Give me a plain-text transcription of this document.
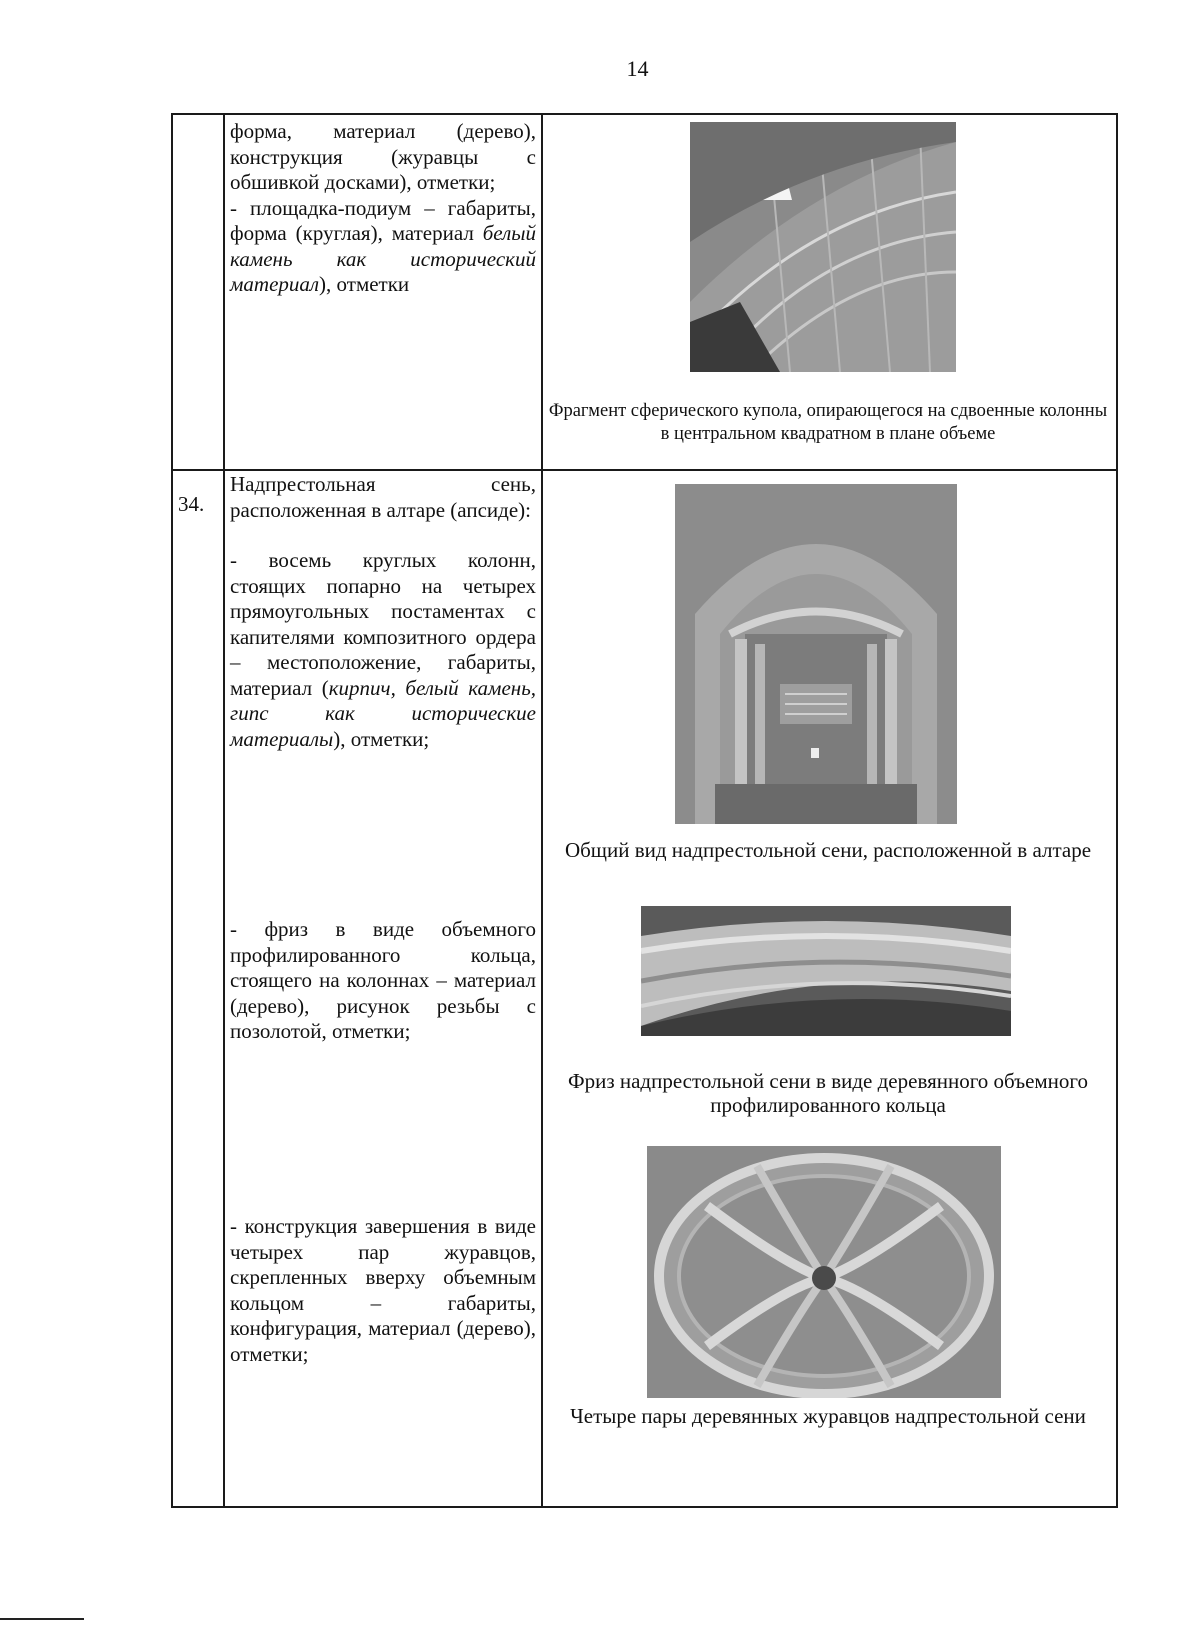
14

форма, материал (дерево), конструкция (журавцы с обшивкой досками), отметки;

- площадка-подиум – габариты, форма (круглая), материал белый камень как исторический материал), отметки

Фрагмент сферического купола, опирающегося на сдвоенные колонны в центральном квадратном в плане объеме
34.

Надпрестольная сень, расположенная в алтаре (апсиде):

- восемь круглых колонн, стоящих попарно на четырех прямоугольных постаментах с капителями композитного ордера – местоположение, габариты, материал (кирпич, белый камень, гипс как исторические материалы), отметки;

- фриз в виде объемного профилированного кольца, стоящего на колоннах – материал (дерево), рисунок резьбы с позолотой, отметки;
- конструкция завершения в виде четырех пар журавцов, скрепленных вверху объемным кольцом – габариты, конфигурация, материал (дерево), отметки;
Общий вид надпрестольной сени, расположенной в алтаре
Фриз надпрестольной сени в виде деревянного объемного профилированного кольца
Четыре пары деревянных журавцов надпрестольной сени
